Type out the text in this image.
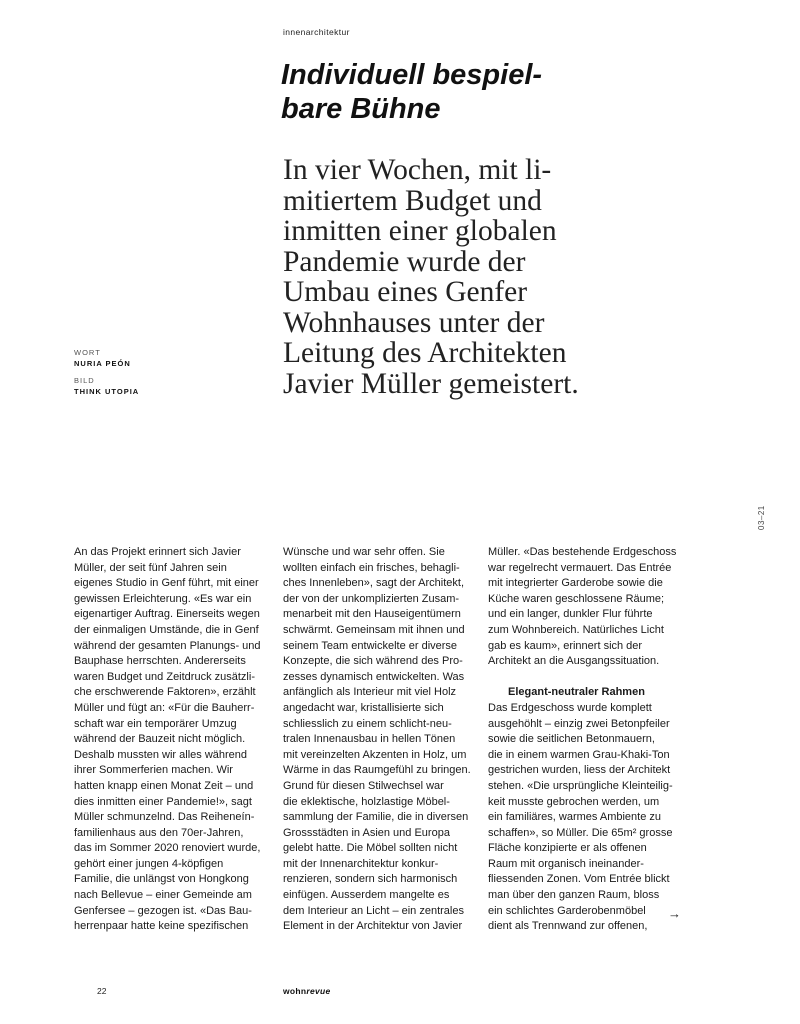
innenarchitektur
Individuell bespiel-
bare Bühne

In vier Wochen, mit li-
mitiertem Budget und
inmitten einer globalen
Pandemie wurde der
Umbau eines Genfer
Wohnhauses unter der
Leitung des Architekten
Javier Müller gemeistert.

WORT
NURIA PEÓN
BILD
THINK UTOPIA
03–21
An das Projekt erinnert sich Javier
Müller, der seit fünf Jahren sein
eigenes Studio in Genf führt, mit einer
gewissen Erleichterung. «Es war ein
eigenartiger Auftrag. Einerseits wegen
der einmaligen Umstände, die in Genf
während der gesamten Planungs- und
Bauphase herrschten. Andererseits
waren Budget und Zeitdruck zusätzli-
che erschwerende Faktoren», erzählt
Müller und fügt an: «Für die Bauherr-
schaft war ein temporärer Umzug
während der Bauzeit nicht möglich.
Deshalb mussten wir alles während
ihrer Sommerferien machen. Wir
hatten knapp einen Monat Zeit – und
dies inmitten einer Pandemie!», sagt
Müller schmunzelnd. Das Reiheneín-
familienhaus aus den 70er-Jahren,
das im Sommer 2020 renoviert wurde,
gehört einer jungen 4-köpfigen
Familie, die unlängst von Hongkong
nach Bellevue – einer Gemeinde am
Genfersee – gezogen ist. «Das Bau-
herrenpaar hatte keine spezifischen
Wünsche und war sehr offen. Sie
wollten einfach ein frisches, behagli-
ches Innenleben», sagt der Architekt,
der von der unkomplizierten Zusam-
menarbeit mit den Hauseigentümern
schwärmt. Gemeinsam mit ihnen und
seinem Team entwickelte er diverse
Konzepte, die sich während des Pro-
zesses dynamisch entwickelten. Was
anfänglich als Interieur mit viel Holz
angedacht war, kristallisierte sich
schliesslich zu einem schlicht-neu-
tralen Innenausbau in hellen Tönen
mit vereinzelten Akzenten in Holz, um
Wärme in das Raumgefühl zu bringen.
Grund für diesen Stilwechsel war
die eklektische, holzlastige Möbel-
sammlung der Familie, die in diversen
Grossstädten in Asien und Europa
gelebt hatte. Die Möbel sollten nicht
mit der Innenarchitektur konkur-
renzieren, sondern sich harmonisch
einfügen. Ausserdem mangelte es
dem Interieur an Licht – ein zentrales
Element in der Architektur von Javier
Müller. «Das bestehende Erdgeschoss
war regelrecht vermauert. Das Entrée
mit integrierter Garderobe sowie die
Küche waren geschlossene Räume;
und ein langer, dunkler Flur führte
zum Wohnbereich. Natürliches Licht
gab es kaum», erinnert sich der
Architekt an die Ausgangssituation.
Elegant-neutraler Rahmen
Das Erdgeschoss wurde komplett
ausgehöhlt – einzig zwei Betonpfeiler
sowie die seitlichen Betonmauern,
die in einem warmen Grau-Khaki-Ton
gestrichen wurden, liess der Architekt
stehen. «Die ursprüngliche Kleinteilig-
keit musste gebrochen werden, um
ein familiäres, warmes Ambiente zu
schaffen», so Müller. Die 65m² grosse
Fläche konzipierte er als offenen
Raum mit organisch ineinander-
fliessenden Zonen. Vom Entrée blickt
man über den ganzen Raum, bloss
ein schlichtes Garderobenmöbel
dient als Trennwand zur offenen,
→
22	wohnrevue
